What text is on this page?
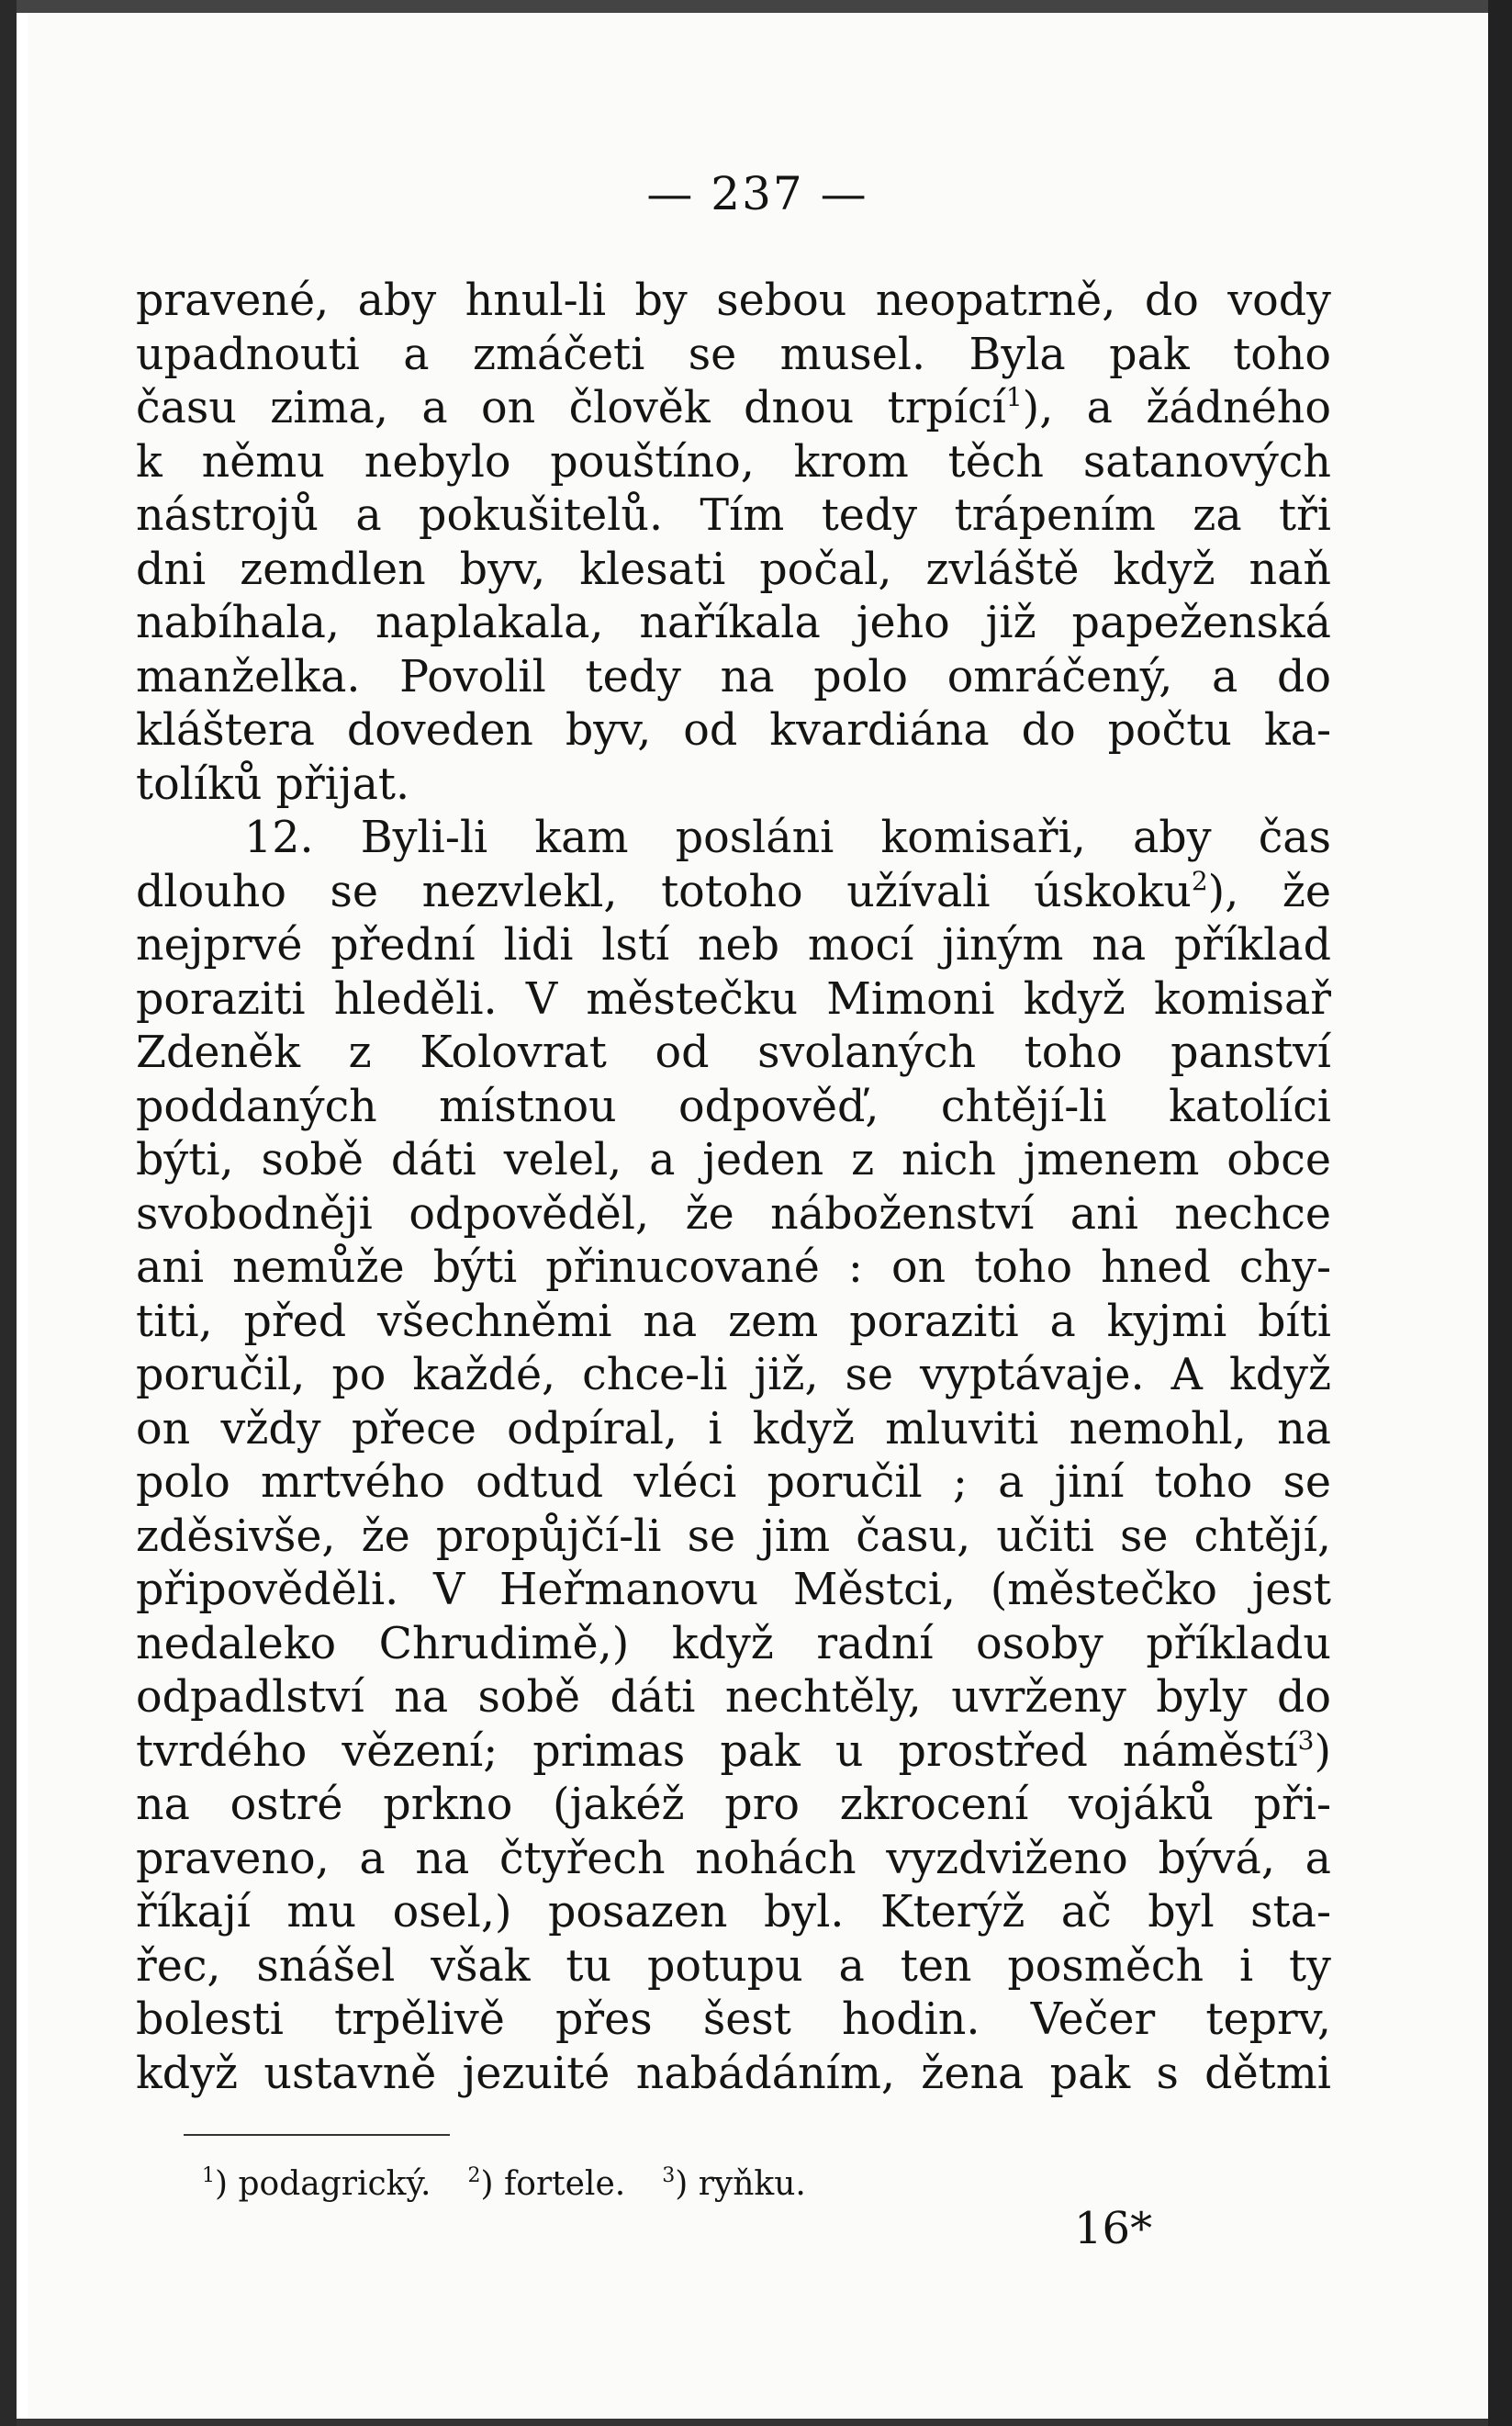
— 237 —
pravené, aby hnul-li by sebou neopatrně, do vody
upadnouti a zmáčeti se musel. Byla pak toho
času zima, a on člověk dnou trpící$^1$), a žádného
k němu nebylo pouštíno, krom těch satanových
nástrojů a pokušitelů. Tím tedy trápením za tři
dni zemdlen byv, klesati počal, zvláště když naň
nabíhala, naplakala, naříkala jeho již papeženská
manželka. Povolil tedy na polo omráčený, a do
kláštera doveden byv, od kvardiána do počtu ka-
tolíků přijat.
12. Byli-li kam posláni komisaři, aby čas
dlouho se nezvlekl, totoho užívali úskoku$^2$), že
nejprvé přední lidi lstí neb mocí jiným na příklad
poraziti hleděli. V městečku Mimoni když komisař
Zdeněk z Kolovrat od svolaných toho panství
poddaných místnou odpověď, chtějí-li katolíci
býti, sobě dáti velel, a jeden z nich jmenem obce
svobodněji odpověděl, že náboženství ani nechce
ani nemůže býti přinucované : on toho hned chy-
titi, před všechněmi na zem poraziti a kyjmi bíti
poručil, po každé, chce-li již, se vyptávaje. A když
on vždy přece odpíral, i když mluviti nemohl, na
polo mrtvého odtud vléci poručil ; a jiní toho se
zděsivše, že propůjčí-li se jim času, učiti se chtějí,
připověděli. V Heřmanovu Městci, (městečko jest
nedaleko Chrudimě,) když radní osoby příkladu
odpadlství na sobě dáti nechtěly, uvrženy byly do
tvrdého vězení; primas pak u prostřed náměstí$^3$)
na ostré prkno (jakéž pro zkrocení vojáků při-
praveno, a na čtyřech nohách vyzdviženo bývá, a
říkají mu osel,) posazen byl. Kterýž ač byl sta-
řec, snášel však tu potupu a ten posměch i ty
bolesti trpělivě přes šest hodin. Večer teprv,
když ustavně jezuité nabádáním, žena pak s dětmi
$^1$) podagrický. $^2$) fortele. $^3$) ryňku.
16*
